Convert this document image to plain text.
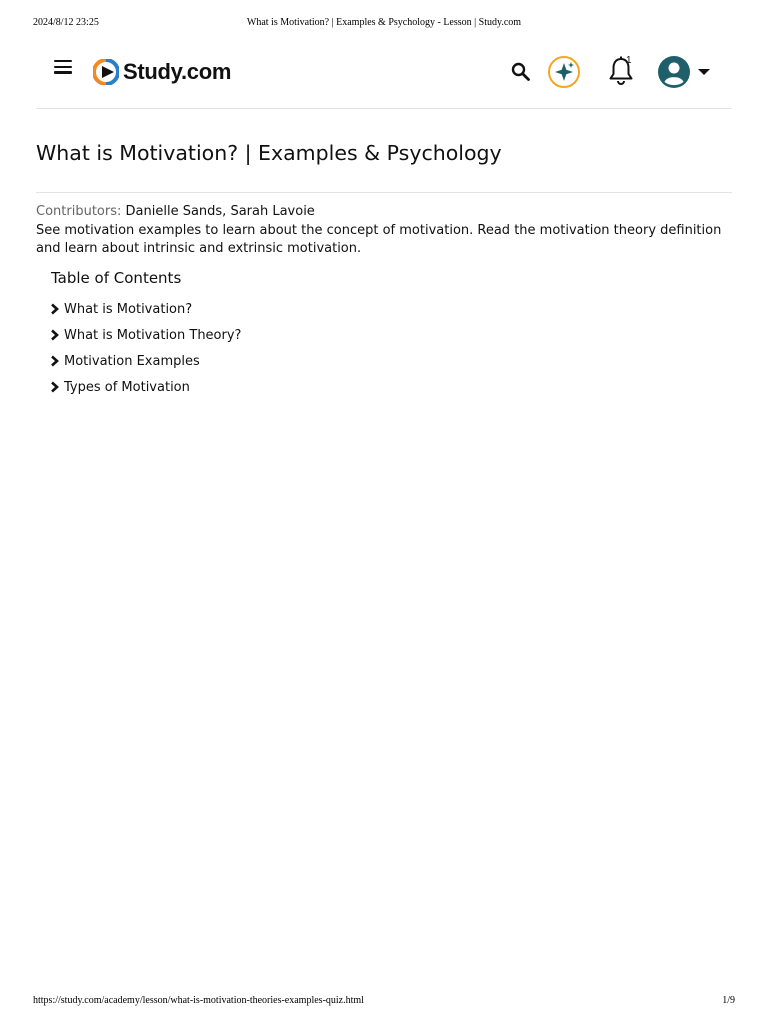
2024/8/12 23:25	What is Motivation? | Examples & Psychology - Lesson | Study.com
Study.com	1
What is Motivation? | Examples & Psychology
Contributors: Danielle Sands, Sarah Lavoie

See motivation examples to learn about the concept of motivation. Read the motivation theory definition and learn about intrinsic and extrinsic motivation.

Table of Contents
What is Motivation?
What is Motivation Theory?
Motivation Examples
Types of Motivation
https://study.com/academy/lesson/what-is-motivation-theories-examples-quiz.html	1/9
